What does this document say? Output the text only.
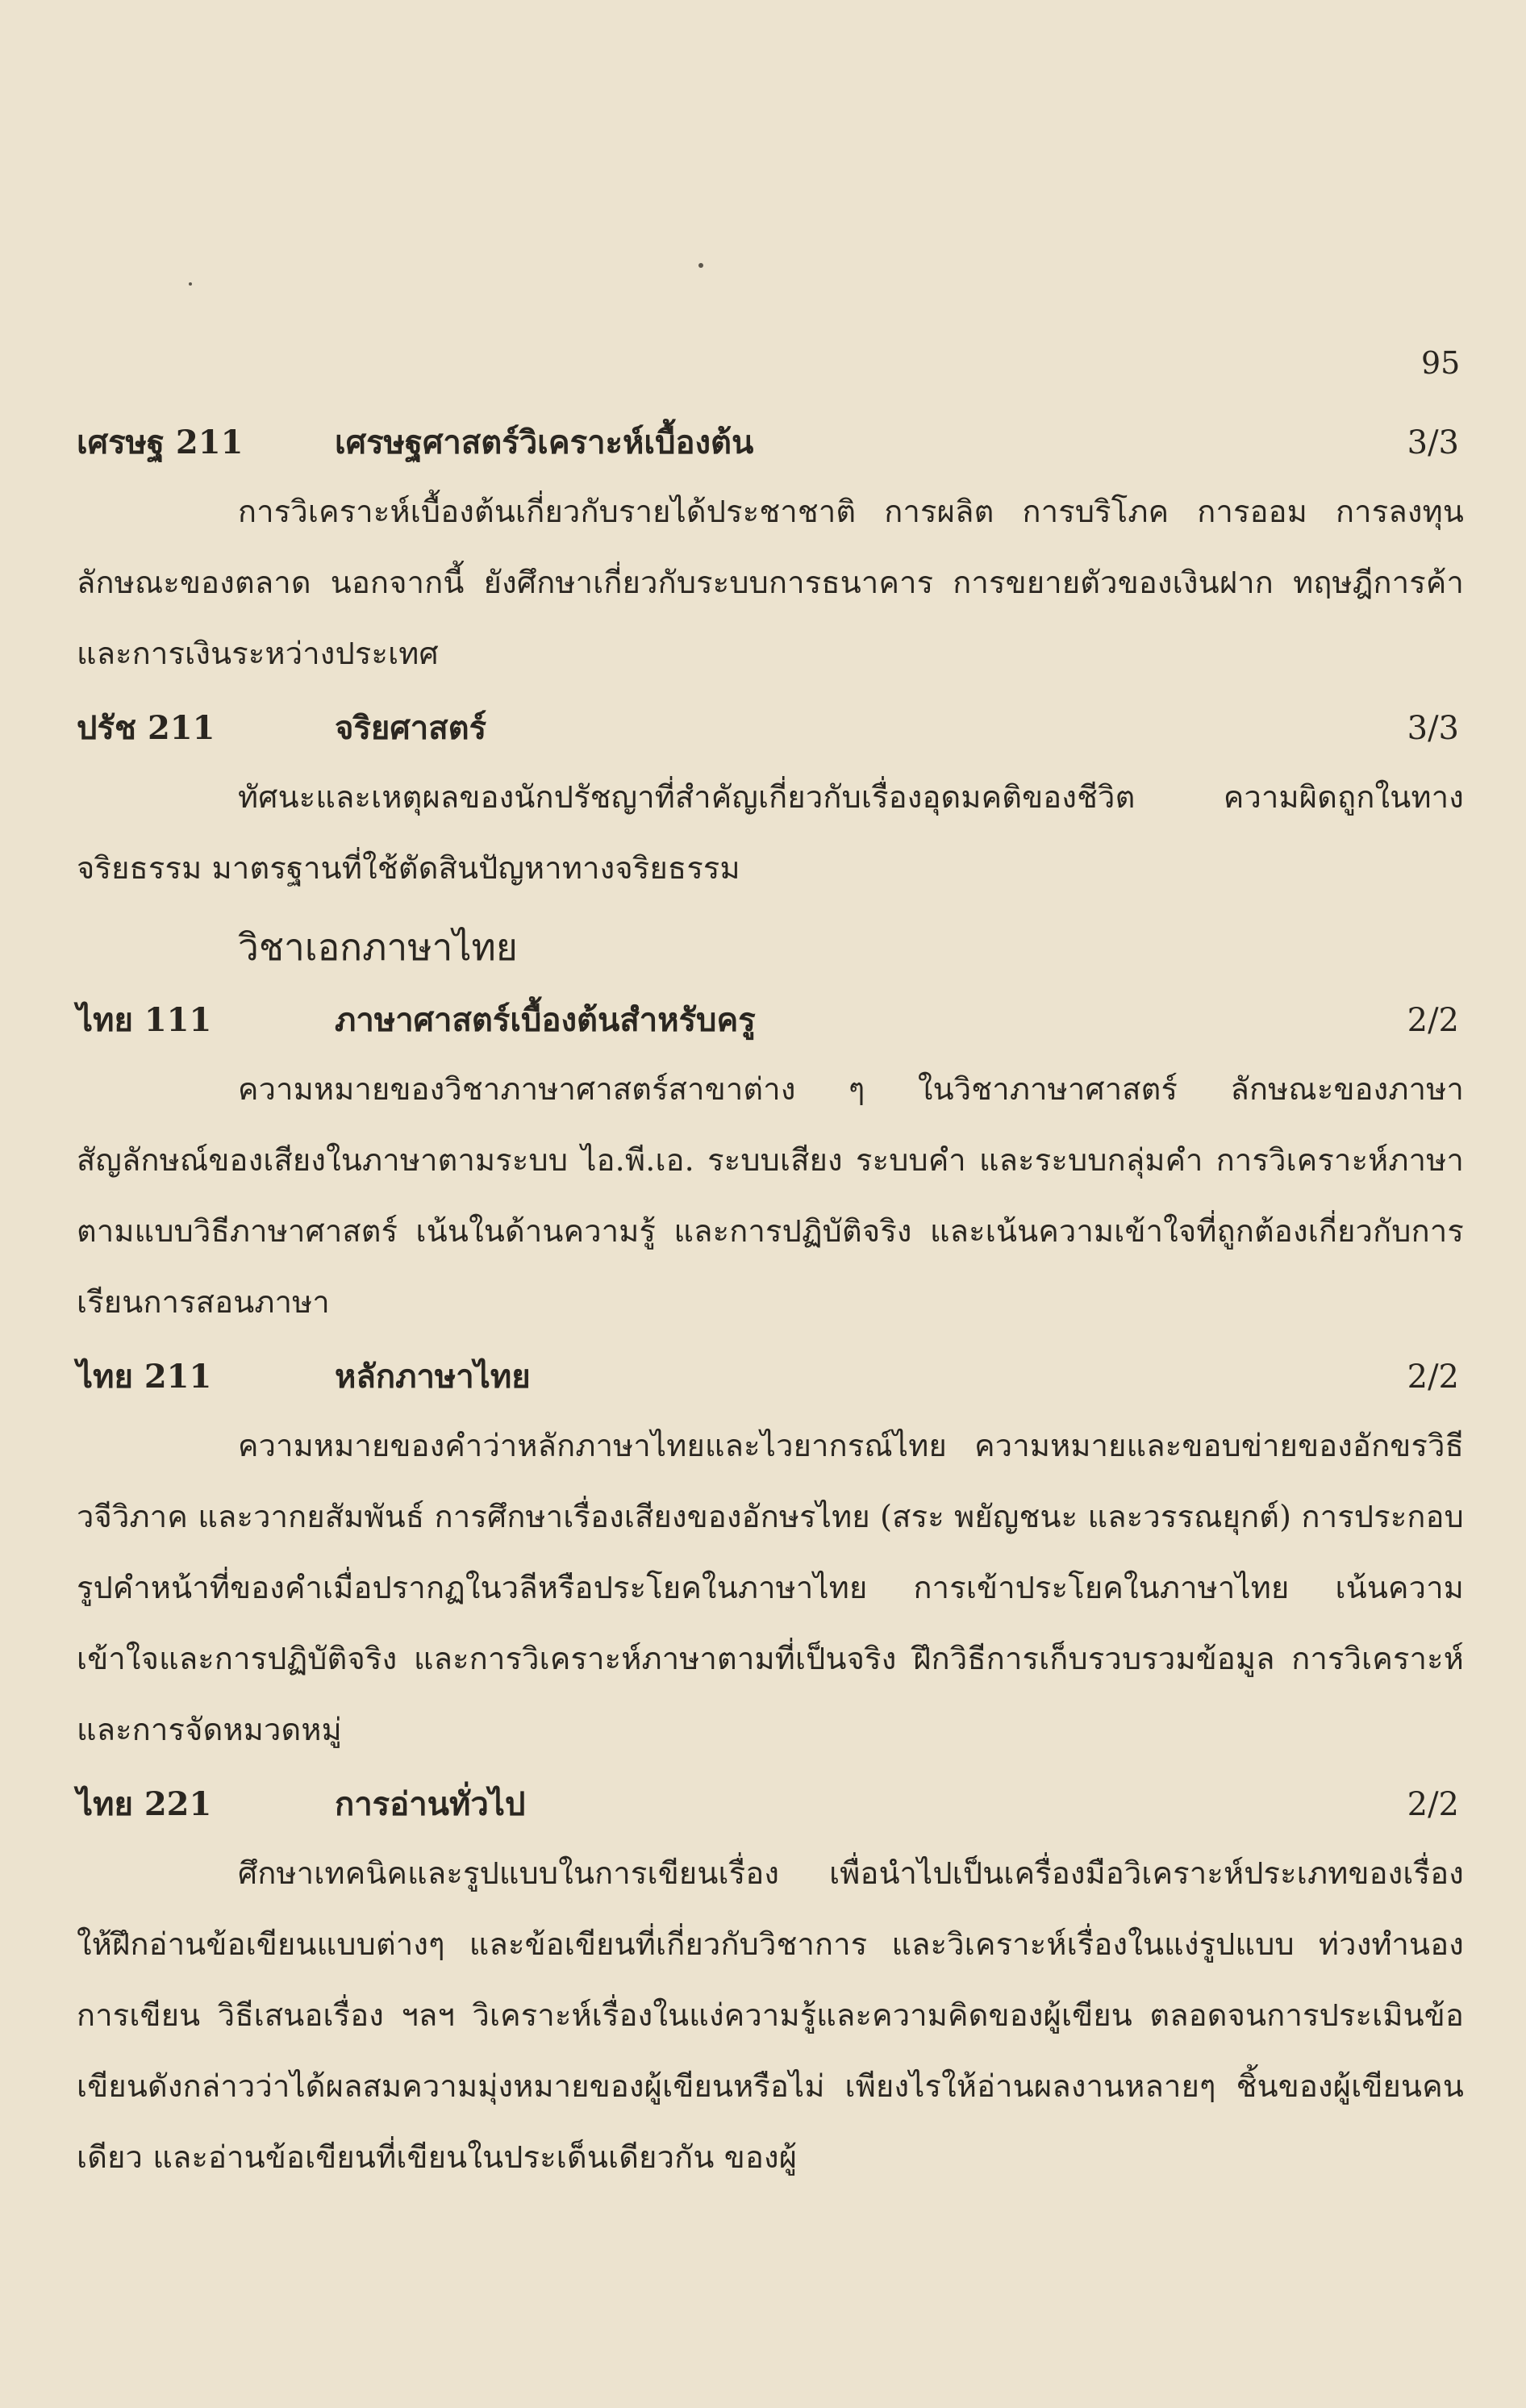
95
เศรษฐ 211	เศรษฐศาสตร์วิเคราะห์เบื้องต้น	3/3

การวิเคราะห์เบื้องต้นเกี่ยวกับรายได้ประชาชาติ การผลิต การบริโภค การออม การลงทุน ลักษณะของตลาด นอกจากนี้ ยังศึกษาเกี่ยวกับระบบการธนาคาร การขยายตัวของเงินฝาก ทฤษฎีการค้า และการเงินระหว่างประเทศ

ปรัช 211	จริยศาสตร์	3/3

ทัศนะและเหตุผลของนักปรัชญาที่สำคัญเกี่ยวกับเรื่องอุดมคติของชีวิต ความผิดถูกในทางจริยธรรม มาตรฐานที่ใช้ตัดสินปัญหาทางจริยธรรม

วิชาเอกภาษาไทย
ไทย 111	ภาษาศาสตร์เบื้องต้นสำหรับครู	2/2

ความหมายของวิชาภาษาศาสตร์สาขาต่าง ๆ ในวิชาภาษาศาสตร์ ลักษณะของภาษา สัญลักษณ์ของเสียงในภาษาตามระบบ ไอ.พี.เอ. ระบบเสียง ระบบคำ และระบบกลุ่มคำ การวิเคราะห์ภาษาตามแบบวิธีภาษาศาสตร์ เน้นในด้านความรู้ และการปฏิบัติจริง และเน้นความเข้าใจที่ถูกต้องเกี่ยวกับการเรียนการสอนภาษา

ไทย 211	หลักภาษาไทย	2/2

ความหมายของคำว่าหลักภาษาไทยและไวยากรณ์ไทย ความหมายและขอบข่ายของอักขรวิธี วจีวิภาค และวากยสัมพันธ์ การศึกษาเรื่องเสียงของอักษรไทย (สระ พยัญชนะ และวรรณยุกต์) การประกอบรูปคำหน้าที่ของคำเมื่อปรากฏในวลีหรือประโยคในภาษาไทย การเข้าประโยคในภาษาไทย เน้นความเข้าใจและการปฏิบัติจริง และการวิเคราะห์ภาษาตามที่เป็นจริง ฝึกวิธีการเก็บรวบรวมข้อมูล การวิเคราะห์และการจัดหมวดหมู่

ไทย 221	การอ่านทั่วไป	2/2

ศึกษาเทคนิคและรูปแบบในการเขียนเรื่อง เพื่อนำไปเป็นเครื่องมือวิเคราะห์ประเภทของเรื่อง ให้ฝึกอ่านข้อเขียนแบบต่างๆ และข้อเขียนที่เกี่ยวกับวิชาการ และวิเคราะห์เรื่องในแง่รูปแบบ ท่วงทำนองการเขียน วิธีเสนอเรื่อง ฯลฯ วิเคราะห์เรื่องในแง่ความรู้และความคิดของผู้เขียน ตลอดจนการประเมินข้อเขียนดังกล่าวว่าได้ผลสมความมุ่งหมายของผู้เขียนหรือไม่ เพียงไรให้อ่านผลงานหลายๆ ชิ้นของผู้เขียนคนเดียว และอ่านข้อเขียนที่เขียนในประเด็นเดียวกัน ของผู้
